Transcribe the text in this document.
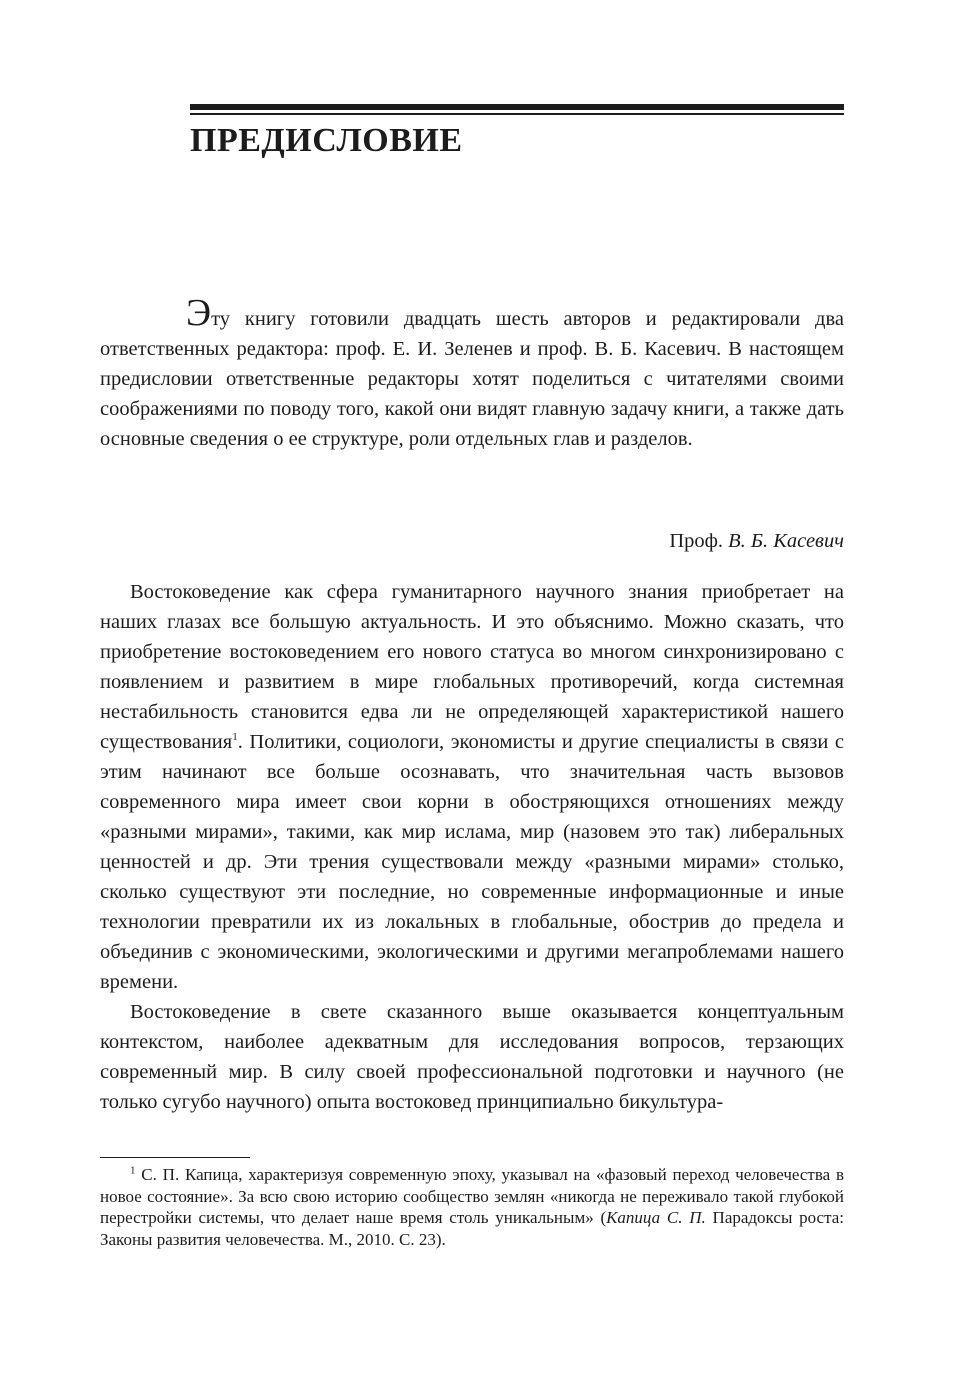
ПРЕДИСЛОВИЕ

Эту книгу готовили двадцать шесть авторов и редактировали два ответственных редактора: проф. Е. И. Зеленев и проф. В. Б. Касевич. В настоящем предисловии ответственные редакторы хотят поделиться с читателями своими соображениями по поводу того, какой они видят главную задачу книги, а также дать основные сведения о ее структуре, роли отдельных глав и разделов.

Проф. В. Б. Касевич

Востоковедение как сфера гуманитарного научного знания приобретает на наших глазах все большую актуальность. И это объяснимо. Можно сказать, что приобретение востоковедением его нового статуса во многом синхронизировано с появлением и развитием в мире глобальных противоречий, когда системная нестабильность становится едва ли не определяющей характеристикой нашего существования$^1$. Политики, социологи, экономисты и другие специалисты в связи с этим начинают все больше осознавать, что значительная часть вызовов современного мира имеет свои корни в обостряющихся отношениях между «разными мирами», такими, как мир ислама, мир (назовем это так) либеральных ценностей и др. Эти трения существовали между «разными мирами» столько, сколько существуют эти последние, но современные информационные и иные технологии превратили их из локальных в глобальные, обострив до предела и объединив с экономическими, экологическими и другими мегапроблемами нашего времени.

Востоковедение в свете сказанного выше оказывается концептуальным контекстом, наиболее адекватным для исследования вопросов, терзающих современный мир. В силу своей профессиональной подготовки и научного (не только сугубо научного) опыта востоковед принципиально бикультура-

$^1$ С. П. Капица, характеризуя современную эпоху, указывал на «фазовый переход человечества в новое состояние». За всю свою историю сообщество землян «никогда не переживало такой глубокой перестройки системы, что делает наше время столь уникальным» (Капица С. П. Парадоксы роста: Законы развития человечества. М., 2010. С. 23).
